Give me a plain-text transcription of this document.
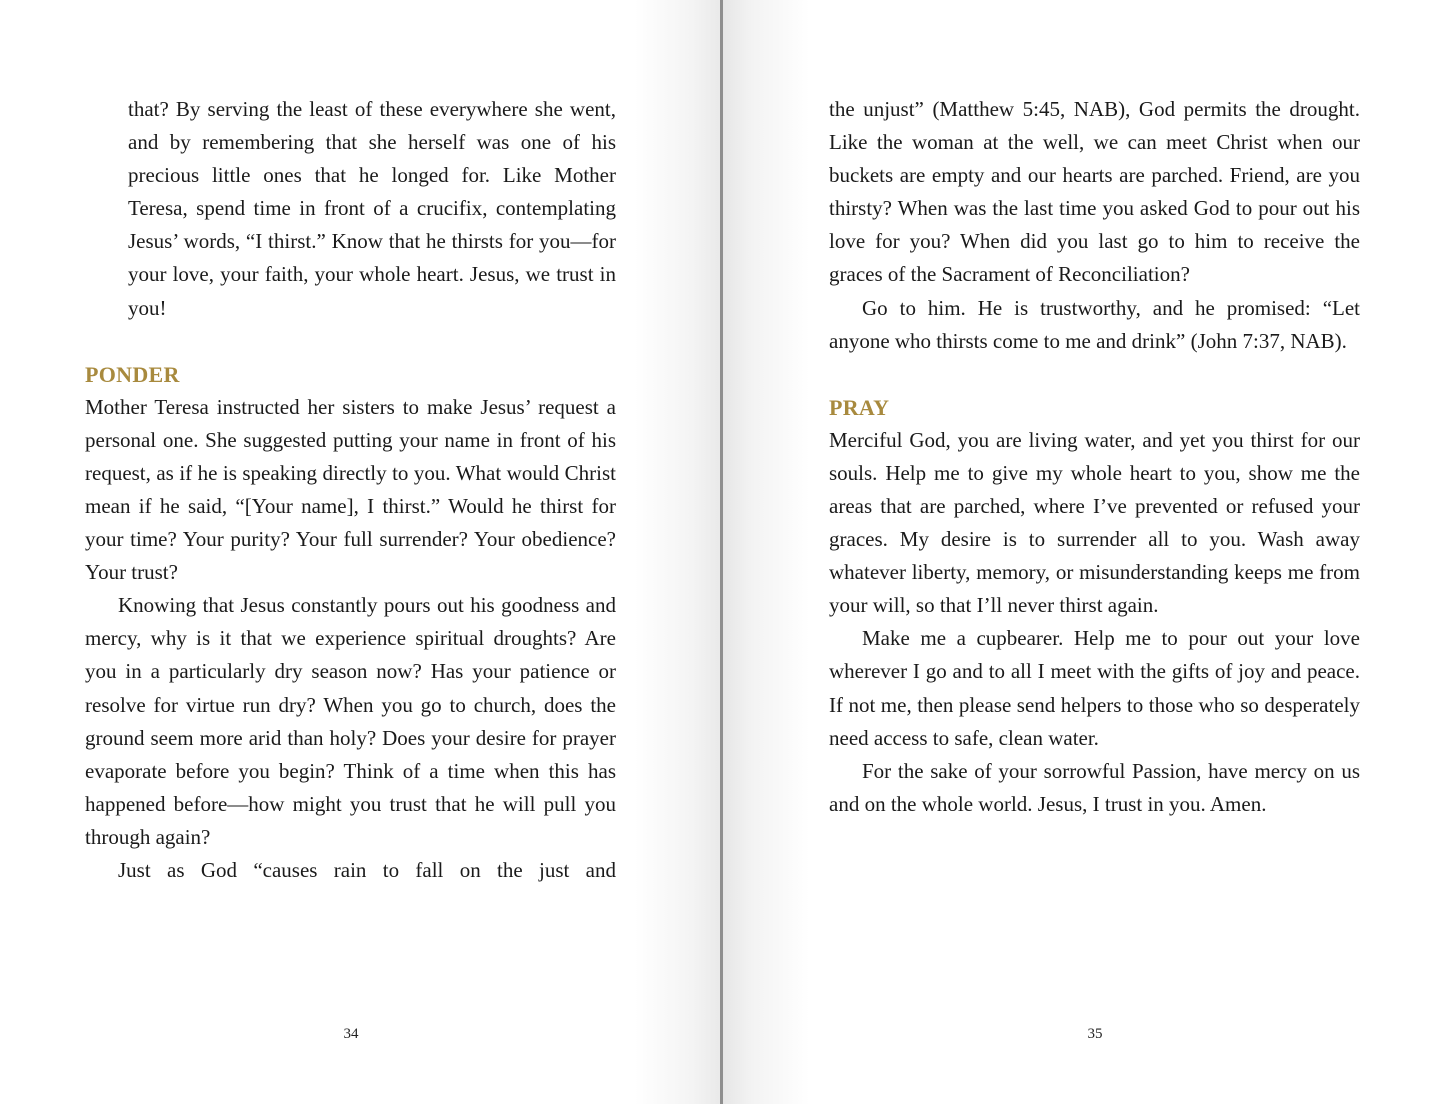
that? By serving the least of these everywhere she went, and by remembering that she herself was one of his precious little ones that he longed for. Like Mother Teresa, spend time in front of a crucifix, contemplating Jesus’ words, “I thirst.” Know that he thirsts for you—for your love, your faith, your whole heart. Jesus, we trust in you!

PONDER

Mother Teresa instructed her sisters to make Jesus’ request a personal one. She suggested putting your name in front of his request, as if he is speaking directly to you. What would Christ mean if he said, “[Your name], I thirst.” Would he thirst for your time? Your purity? Your full surrender? Your obedience? Your trust?

Knowing that Jesus constantly pours out his goodness and mercy, why is it that we experience spiritual droughts? Are you in a particularly dry season now? Has your patience or resolve for virtue run dry? When you go to church, does the ground seem more arid than holy? Does your desire for prayer evaporate before you begin? Think of a time when this has happened before—how might you trust that he will pull you through again?

Just as God “causes rain to fall on the just and

34

the unjust” (Matthew 5:45, NAB), God permits the drought. Like the woman at the well, we can meet Christ when our buckets are empty and our hearts are parched. Friend, are you thirsty? When was the last time you asked God to pour out his love for you? When did you last go to him to receive the graces of the Sacrament of Reconciliation?

Go to him. He is trustworthy, and he promised: “Let anyone who thirsts come to me and drink” (John 7:37, NAB).

PRAY

Merciful God, you are living water, and yet you thirst for our souls. Help me to give my whole heart to you, show me the areas that are parched, where I’ve prevented or refused your graces. My desire is to surrender all to you. Wash away whatever liberty, memory, or misunderstanding keeps me from your will, so that I’ll never thirst again.

Make me a cupbearer. Help me to pour out your love wherever I go and to all I meet with the gifts of joy and peace. If not me, then please send helpers to those who so desperately need access to safe, clean water.

For the sake of your sorrowful Passion, have mercy on us and on the whole world. Jesus, I trust in you. Amen.

35
